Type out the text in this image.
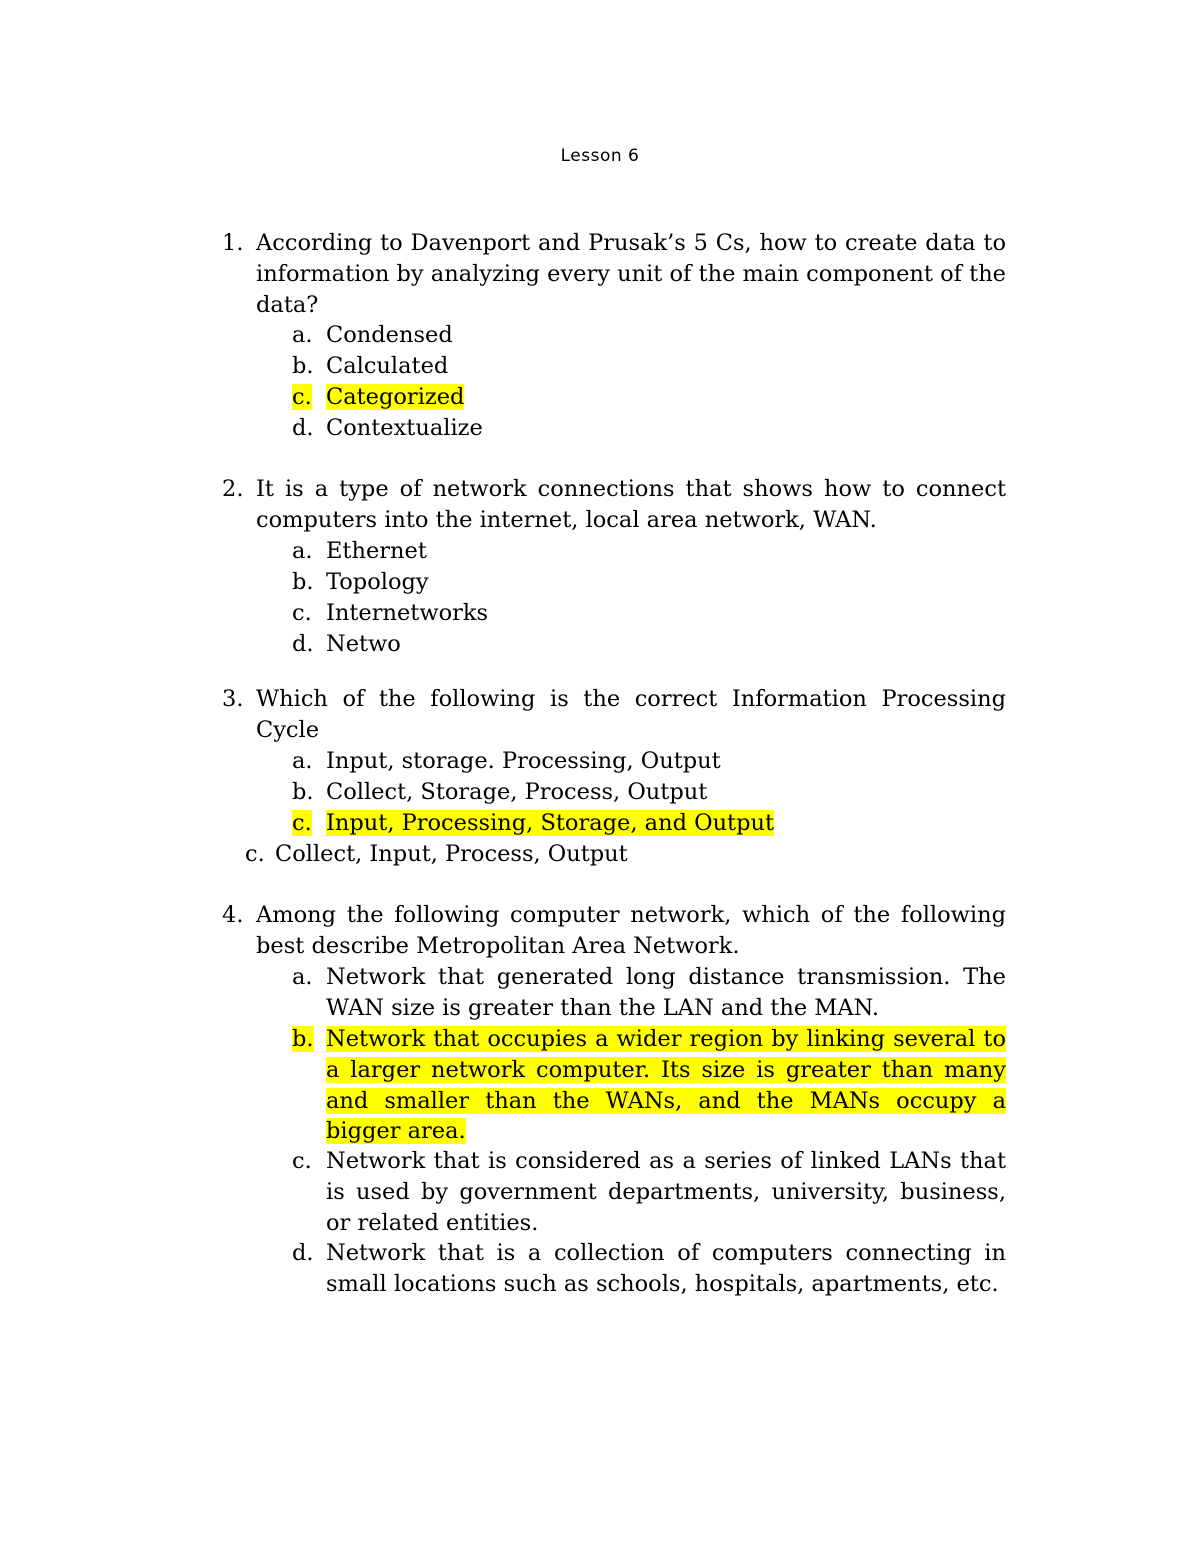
Lesson 6
1. According to Davenport and Prusak’s 5 Cs, how to create data to information by analyzing every unit of the main component of the data?
a. Condensed
b. Calculated
c. Categorized
d. Contextualize
2. It is a type of network connections that shows how to connect computers into the internet, local area network, WAN.
a. Ethernet
b. Topology
c. Internetworks
d. Netwo
3. Which of the following is the correct Information Processing Cycle
a. Input, storage. Processing, Output
b. Collect, Storage, Process, Output
c. Input, Processing, Storage, and Output
c. Collect, Input, Process, Output
4. Among the following computer network, which of the following best describe Metropolitan Area Network.
a. Network that generated long distance transmission. The WAN size is greater than the LAN and the MAN.
b. Network that occupies a wider region by linking several to a larger network computer. Its size is greater than many and smaller than the WANs, and the MANs occupy a bigger area.
c. Network that is considered as a series of linked LANs that is used by government departments, university, business, or related entities.
d. Network that is a collection of computers connecting in small locations such as schools, hospitals, apartments, etc.
